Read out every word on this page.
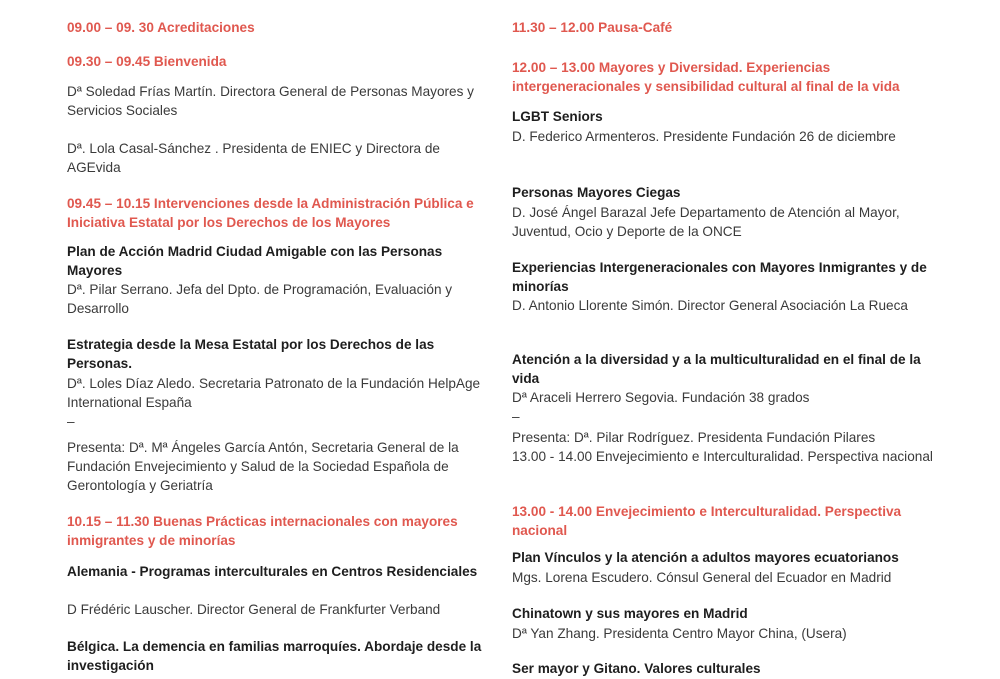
09.00 – 09. 30 Acreditaciones

09.30 – 09.45 Bienvenida

Dª Soledad Frías Martín. Directora General de Personas Mayores y Servicios Sociales

Dª. Lola Casal-Sánchez . Presidenta de ENIEC y Directora de AGEvida

09.45 – 10.15 Intervenciones desde la Administración Pública e Iniciativa Estatal por los Derechos de los Mayores

Plan de Acción Madrid Ciudad Amigable con las Personas Mayores

Dª. Pilar Serrano. Jefa del Dpto. de Programación, Evaluación y Desarrollo

Estrategia desde la Mesa Estatal por los Derechos de las Personas.

Dª. Loles Díaz Aledo. Secretaria Patronato de la Fundación HelpAge International España

–

Presenta: Dª. Mª Ángeles García Antón, Secretaria General de la Fundación Envejecimiento y Salud de la Sociedad Española de Gerontología y Geriatría

10.15 – 11.30 Buenas Prácticas internacionales con mayores inmigrantes y de minorías

Alemania - Programas interculturales en Centros Residenciales

D Frédéric Lauscher. Director General de Frankfurter Verband

Bélgica. La demencia en familias marroquíes. Abordaje desde la investigación

11.30 – 12.00 Pausa-Café

12.00 – 13.00 Mayores y Diversidad. Experiencias intergeneracionales y sensibilidad cultural al final de la vida

LGBT Seniors

D. Federico Armenteros. Presidente Fundación 26 de diciembre

Personas Mayores Ciegas

D. José Ángel Barazal Jefe Departamento de Atención al Mayor, Juventud, Ocio y Deporte de la ONCE

Experiencias Intergeneracionales con Mayores Inmigrantes y de minorías

D. Antonio Llorente Simón. Director General Asociación La Rueca

Atención a la diversidad y a la multiculturalidad en el final de la vida

Dª Araceli Herrero Segovia. Fundación 38 grados

–

Presenta: Dª. Pilar Rodríguez. Presidenta Fundación Pilares

13.00 - 14.00 Envejecimiento e Interculturalidad. Perspectiva nacional

13.00 - 14.00 Envejecimiento e Interculturalidad. Perspectiva nacional

Plan Vínculos y la atención a adultos mayores ecuatorianos

Mgs. Lorena Escudero. Cónsul General del Ecuador en Madrid

Chinatown y sus mayores en Madrid

Dª Yan Zhang. Presidenta Centro Mayor China, (Usera)

Ser mayor y Gitano. Valores culturales
